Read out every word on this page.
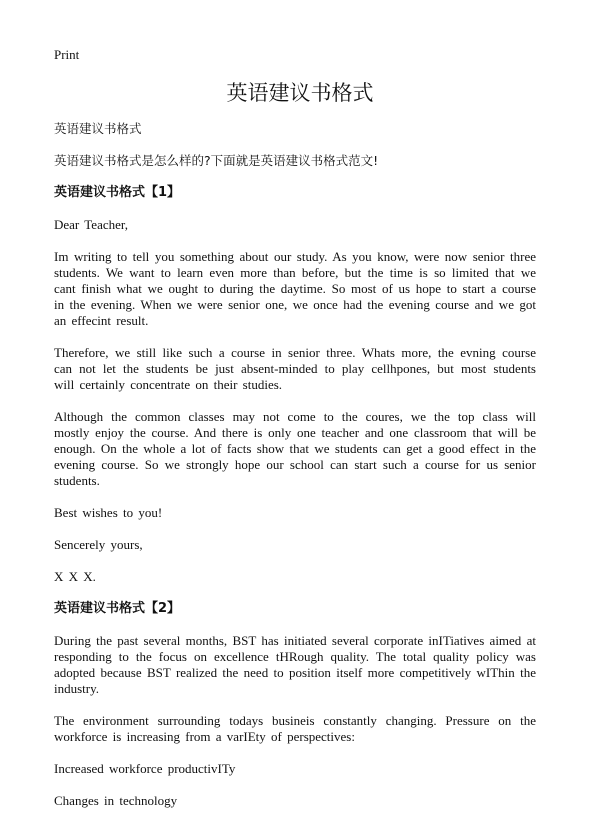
Print
英语建议书格式

英语建议书格式

英语建议书格式是怎么样的?下面就是英语建议书格式范文!

英语建议书格式【1】

Dear Teacher,

Im writing to tell you something about our study. As you know, were now senior three students. We want to learn even more than before, but the time is so limited that we cant finish what we ought to during the daytime. So most of us hope to start a course in the evening. When we were senior one, we once had the evening course and we got an effecint result.

Therefore, we still like such a course in senior three. Whats more, the evning course can not let the students be just absent-minded to play cellhpones, but most students will certainly concentrate on their studies.

Although the common classes may not come to the coures, we the top class will mostly enjoy the course. And there is only one teacher and one classroom that will be enough. On the whole a lot of facts show that we students can get a good effect in the evening course. So we strongly hope our school can start such a course for us senior students.

Best wishes to you!

Sencerely yours,

X X X.

英语建议书格式【2】

During the past several months, BST has initiated several corporate inITiatives aimed at responding to the focus on excellence tHRough quality. The total quality policy was adopted because BST realized the need to position itself more competitively wIThin the industry.

The environment surrounding todays busineis constantly changing. Pressure on the workforce is increasing from a varIEty of perspectives:

Increased workforce productivITy

Changes in technology
